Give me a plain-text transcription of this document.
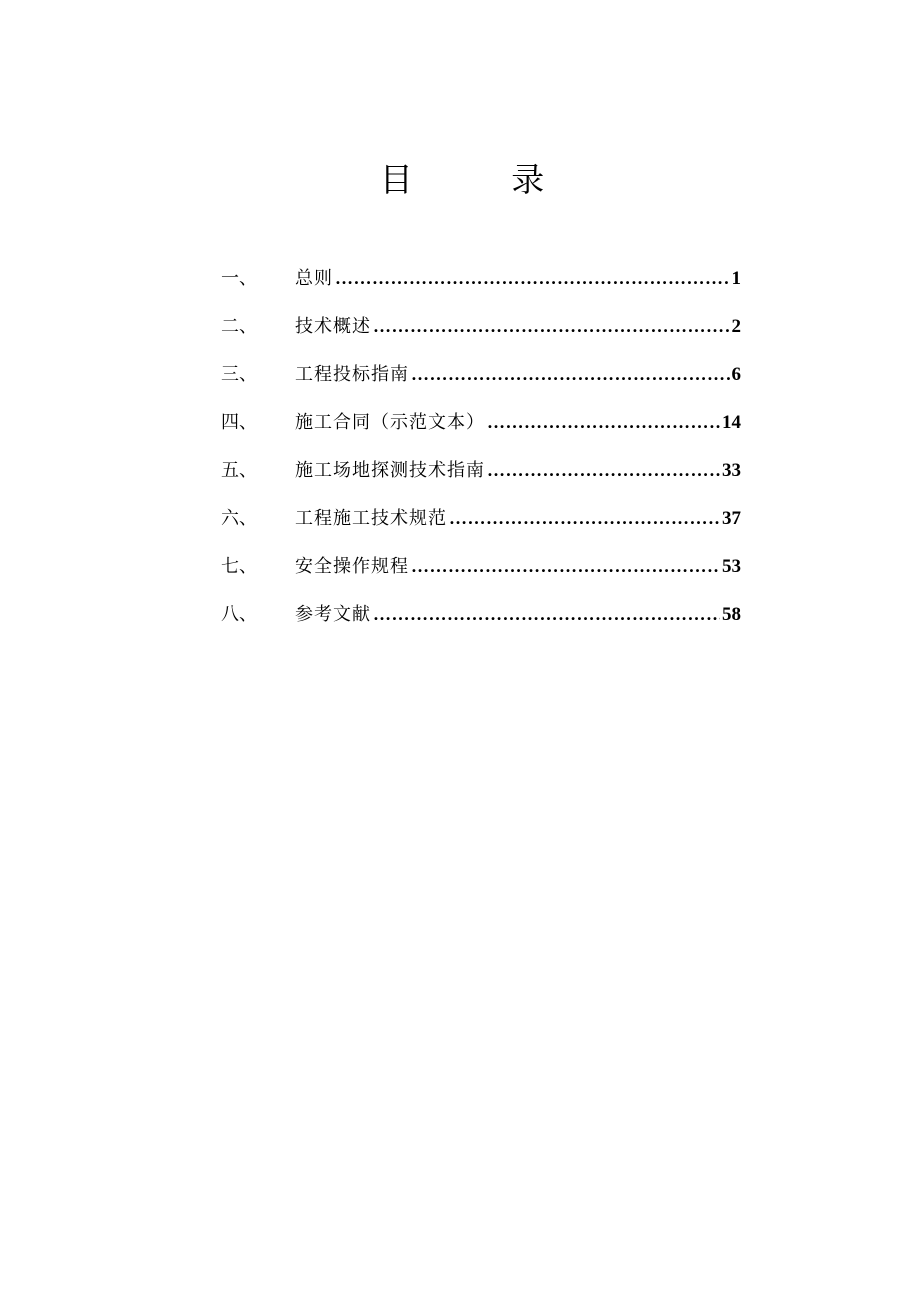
目 录
一、	总则 ……………………………………………………………………………………………………………………………………………………	1
二、	技术概述 ……………………………………………………………………………………………………………………………………………………	2
三、	工程投标指南 ……………………………………………………………………………………………………………………………………………………	6
四、	施工合同（示范文本） ……………………………………………………………………………………………………………………………………………………	14
五、	施工场地探测技术指南 ……………………………………………………………………………………………………………………………………………………	33
六、	工程施工技术规范 ……………………………………………………………………………………………………………………………………………………	37
七、	安全操作规程 ……………………………………………………………………………………………………………………………………………………	53
八、	参考文献 ……………………………………………………………………………………………………………………………………………………	58
